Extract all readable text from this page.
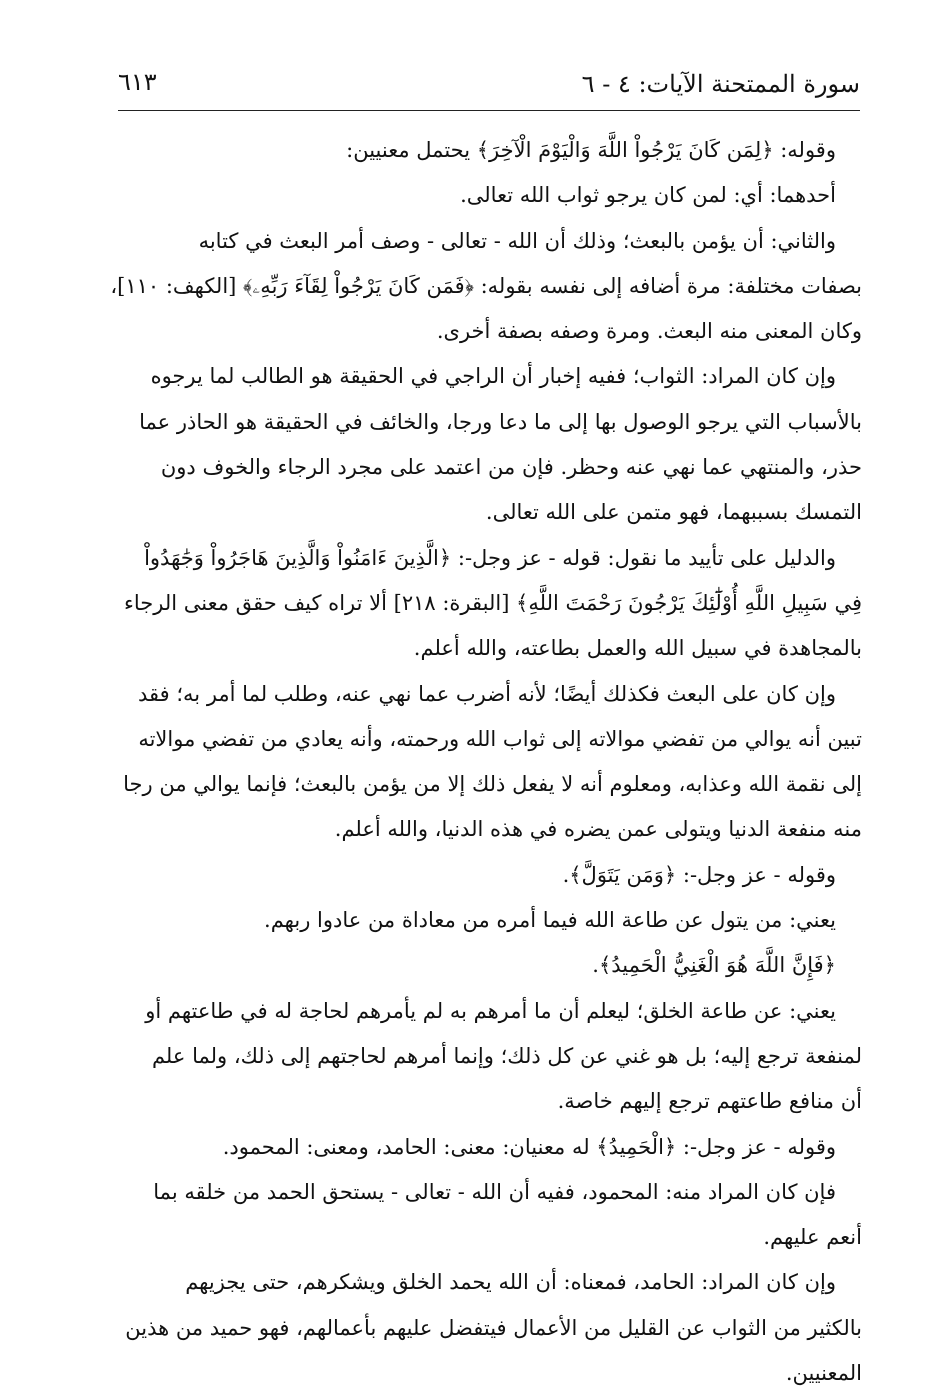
سورة الممتحنة الآيات: ٤ - ٦
٦١٣
وقوله: ﴿لِمَن كَانَ يَرْجُواْ اللَّهَ وَالْيَوْمَ الْآخِرَ﴾ يحتمل معنيين:
أحدهما: أي: لمن كان يرجو ثواب الله تعالى.
والثاني: أن يؤمن بالبعث؛ وذلك أن الله - تعالى - وصف أمر البعث في كتابه
بصفات مختلفة: مرة أضافه إلى نفسه بقوله: ﴿فَمَن كَانَ يَرْجُواْ لِقَآءَ رَبِّهِۦ﴾ [الكهف: ١١٠]،
وكان المعنى منه البعث. ومرة وصفه بصفة أخرى.
وإن كان المراد: الثواب؛ ففيه إخبار أن الراجي في الحقيقة هو الطالب لما يرجوه
بالأسباب التي يرجو الوصول بها إلى ما دعا ورجا، والخائف في الحقيقة هو الحاذر عما
حذر، والمنتهي عما نهي عنه وحظر. فإن من اعتمد على مجرد الرجاء والخوف دون
التمسك بسببهما، فهو متمن على الله تعالى.
والدليل على تأييد ما نقول: قوله - عز وجل-: ﴿الَّذِينَ ءَامَنُواْ وَالَّذِينَ هَاجَرُواْ وَجَٰهَدُواْ
فِي سَبِيلِ اللَّهِ أُوْلَٰٓئِكَ يَرْجُونَ رَحْمَتَ اللَّهِ﴾ [البقرة: ٢١٨] ألا تراه كيف حقق معنى الرجاء
بالمجاهدة في سبيل الله والعمل بطاعته، والله أعلم.
وإن كان على البعث فكذلك أيضًا؛ لأنه أضرب عما نهي عنه، وطلب لما أمر به؛ فقد
تبين أنه يوالي من تفضي موالاته إلى ثواب الله ورحمته، وأنه يعادي من تفضي موالاته
إلى نقمة الله وعذابه، ومعلوم أنه لا يفعل ذلك إلا من يؤمن بالبعث؛ فإنما يوالي من رجا
منه منفعة الدنيا ويتولى عمن يضره في هذه الدنيا، والله أعلم.
وقوله - عز وجل-: ﴿وَمَن يَتَوَلَّ﴾.
يعني: من يتول عن طاعة الله فيما أمره من معاداة من عادوا ربهم.
﴿فَإِنَّ اللَّهَ هُوَ الْغَنِيُّ الْحَمِيدُ﴾.
يعني: عن طاعة الخلق؛ ليعلم أن ما أمرهم به لم يأمرهم لحاجة له في طاعتهم أو
لمنفعة ترجع إليه؛ بل هو غني عن كل ذلك؛ وإنما أمرهم لحاجتهم إلى ذلك، ولما علم
أن منافع طاعتهم ترجع إليهم خاصة.
وقوله - عز وجل-: ﴿الْحَمِيدُ﴾ له معنيان: معنى: الحامد، ومعنى: المحمود.
فإن كان المراد منه: المحمود، ففيه أن الله - تعالى - يستحق الحمد من خلقه بما
أنعم عليهم.
وإن كان المراد: الحامد، فمعناه: أن الله يحمد الخلق ويشكرهم، حتى يجزيهم
بالكثير من الثواب عن القليل من الأعمال فيتفضل عليهم بأعمالهم، فهو حميد من هذين
المعنيين.
